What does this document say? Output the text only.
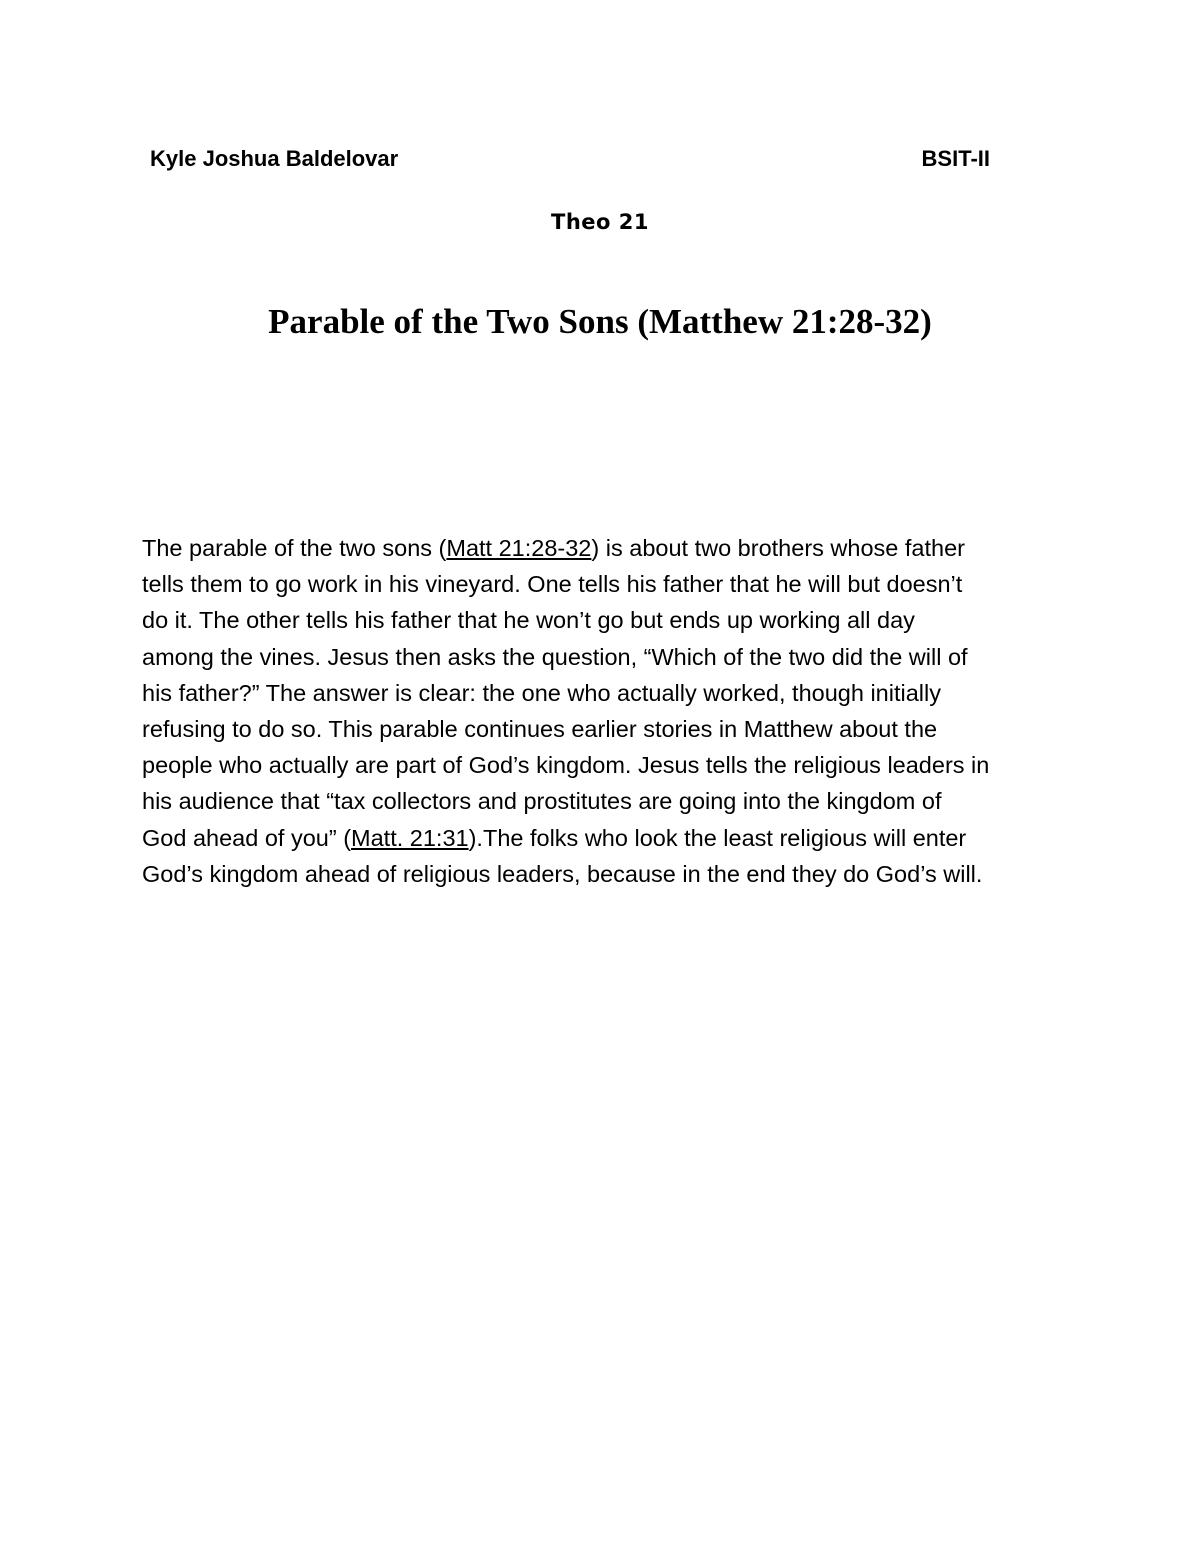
Kyle Joshua Baldelovar	BSIT-II
Theo 21
Parable of the Two Sons (Matthew 21:28-32)
The parable of the two sons (Matt 21:28-32) is about two brothers whose father
tells them to go work in his vineyard. One tells his father that he will but doesn’t
do it. The other tells his father that he won’t go but ends up working all day
among the vines. Jesus then asks the question, “Which of the two did the will of
his father?” The answer is clear: the one who actually worked, though initially
refusing to do so. This parable continues earlier stories in Matthew about the
people who actually are part of God’s kingdom. Jesus tells the religious leaders in
his audience that “tax collectors and prostitutes are going into the kingdom of
God ahead of you” (Matt. 21:31).The folks who look the least religious will enter
God’s kingdom ahead of religious leaders, because in the end they do God’s will.
